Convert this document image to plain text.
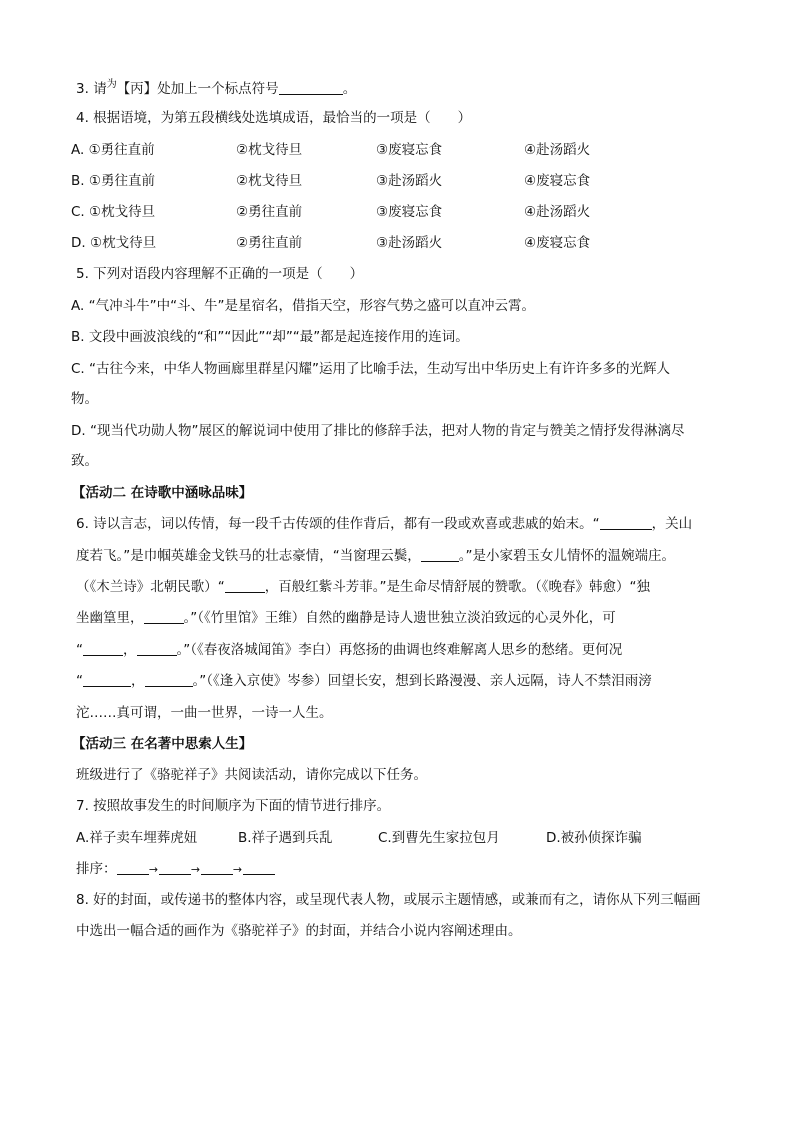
3. 请$^为$【丙】处加上一个标点符号	。
4. 根据语境，为第五段横线处选填成语，最恰当的一项是（　　）
A. ①勇往直前	②枕戈待旦	③废寝忘食	④赴汤蹈火
B. ①勇往直前	②枕戈待旦	③赴汤蹈火	④废寝忘食
C. ①枕戈待旦	②勇往直前	③废寝忘食	④赴汤蹈火
D. ①枕戈待旦	②勇往直前	③赴汤蹈火	④废寝忘食
5. 下列对语段内容理解不正确的一项是（　　）
A. “气冲斗牛”中“斗、牛”是星宿名，借指天空，形容气势之盛可以直冲云霄。
B. 文段中画波浪线的“和”“因此”“却”“最”都是起连接作用的连词。
C. “古往今来，中华人物画廊里群星闪耀”运用了比喻手法，生动写出中华历史上有许许多多的光辉人
物。
D. “现当代功勋人物”展区的解说词中使用了排比的修辞手法，把对人物的肯定与赞美之情抒发得淋漓尽
致。
【活动二 在诗歌中涵咏品味】
6. 诗以言志，词以传情，每一段千古传颂的佳作背后，都有一段或欢喜或悲戚的始末。“	，关山
度若飞。”是巾帼英雄金戈铁马的壮志豪情，“当窗理云鬓，	。”是小家碧玉女儿情怀的温婉端庄。
（《木兰诗》北朝民歌）“	，百般红紫斗芳菲。”是生命尽情舒展的赞歌。（《晚春》韩愈）“独
坐幽篁里，	。”（《竹里馆》王维）自然的幽静是诗人遗世独立淡泊致远的心灵外化，可
“	，	。”（《春夜洛城闻笛》李白）再悠扬的曲调也终难解离人思乡的愁绪。更何况
“	，	。”（《逢入京使》岑参）回望长安，想到长路漫漫、亲人远隔，诗人不禁泪雨滂
沱……真可谓，一曲一世界，一诗一人生。
【活动三 在名著中思索人生】
班级进行了《骆驼祥子》共阅读活动，请你完成以下任务。
7. 按照故事发生的时间顺序为下面的情节进行排序。
A.祥子卖车埋葬虎妞	B.祥子遇到兵乱	C.到曹先生家拉包月	D.被孙侦探诈骗
排序：	→	→	→
8. 好的封面，或传递书的整体内容，或呈现代表人物，或展示主题情感，或兼而有之，请你从下列三幅画
中选出一幅合适的画作为《骆驼祥子》的封面，并结合小说内容阐述理由。
